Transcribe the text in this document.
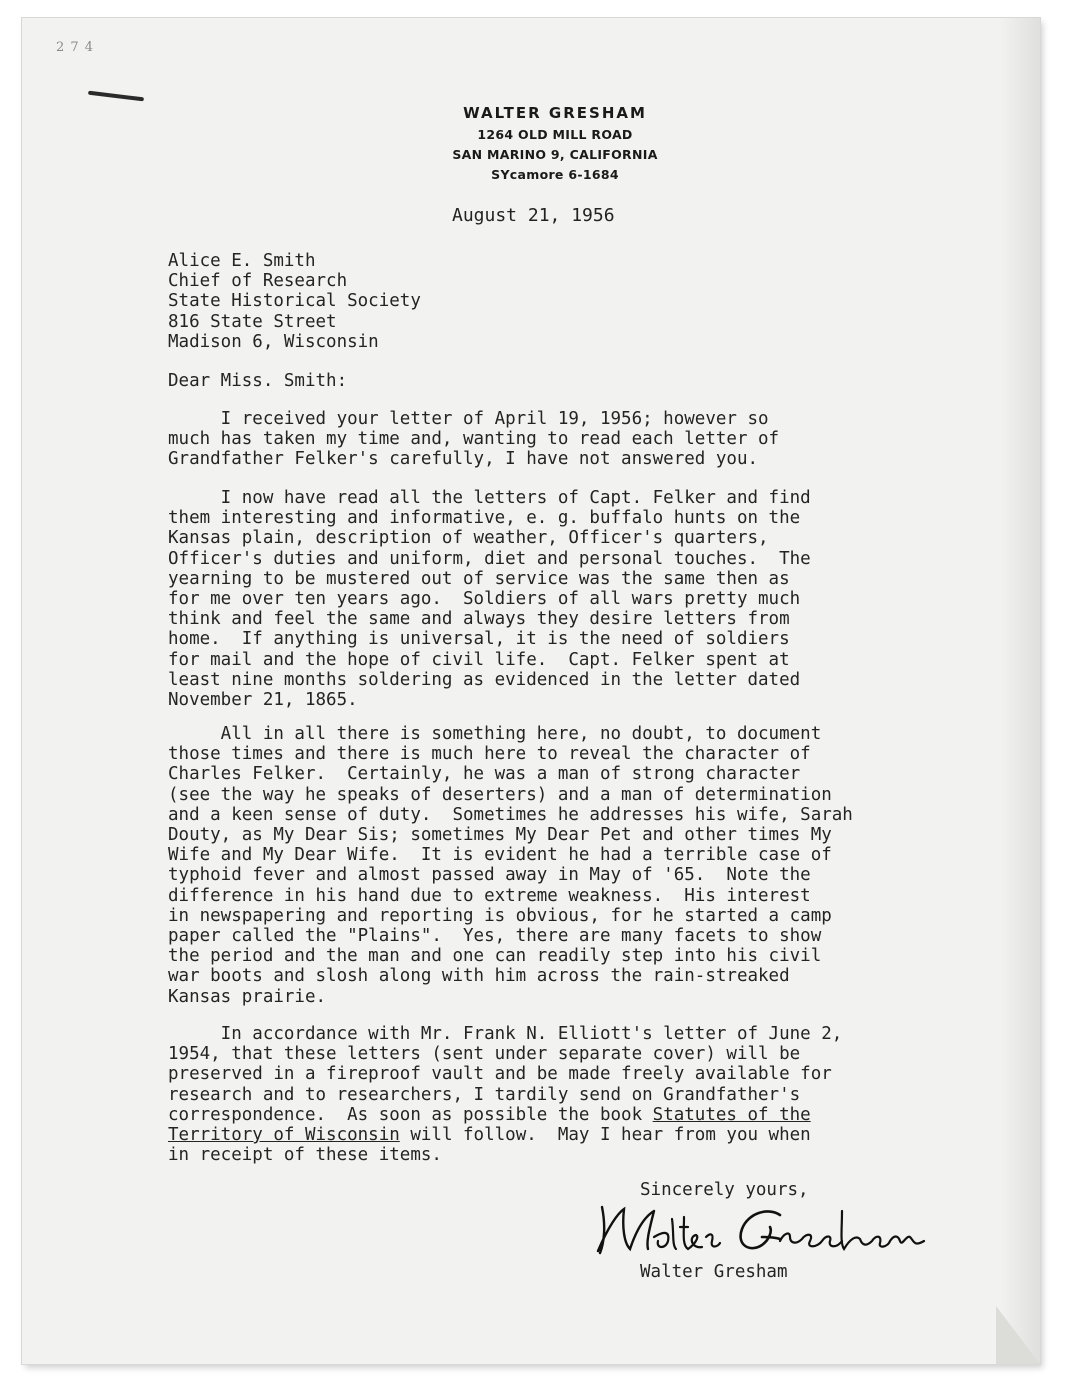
2 7 4
WALTER GRESHAM
1264 OLD MILL ROAD
SAN MARINO 9, CALIFORNIA
SYcamore 6-1684
August 21, 1956
Alice E. Smith
Chief of Research
State Historical Society
816 State Street
Madison 6, Wisconsin
Dear Miss. Smith:
I received your letter of April 19, 1956; however so
much has taken my time and, wanting to read each letter of
Grandfather Felker's carefully, I have not answered you.
I now have read all the letters of Capt. Felker and find
them interesting and informative, e. g. buffalo hunts on the
Kansas plain, description of weather, Officer's quarters,
Officer's duties and uniform, diet and personal touches.  The
yearning to be mustered out of service was the same then as
for me over ten years ago.  Soldiers of all wars pretty much
think and feel the same and always they desire letters from
home.  If anything is universal, it is the need of soldiers
for mail and the hope of civil life.  Capt. Felker spent at
least nine months soldering as evidenced in the letter dated
November 21, 1865.
All in all there is something here, no doubt, to document
those times and there is much here to reveal the character of
Charles Felker.  Certainly, he was a man of strong character
(see the way he speaks of deserters) and a man of determination
and a keen sense of duty.  Sometimes he addresses his wife, Sarah
Douty, as My Dear Sis; sometimes My Dear Pet and other times My
Wife and My Dear Wife.  It is evident he had a terrible case of
typhoid fever and almost passed away in May of '65.  Note the
difference in his hand due to extreme weakness.  His interest
in newspapering and reporting is obvious, for he started a camp
paper called the "Plains".  Yes, there are many facets to show
the period and the man and one can readily step into his civil
war boots and slosh along with him across the rain-streaked
Kansas prairie.
In accordance with Mr. Frank N. Elliott's letter of June 2,
1954, that these letters (sent under separate cover) will be
preserved in a fireproof vault and be made freely available for
research and to researchers, I tardily send on Grandfather's
correspondence.  As soon as possible the book Statutes of the
Territory of Wisconsin will follow.  May I hear from you when
in receipt of these items.
Sincerely yours,
Walter Gresham
